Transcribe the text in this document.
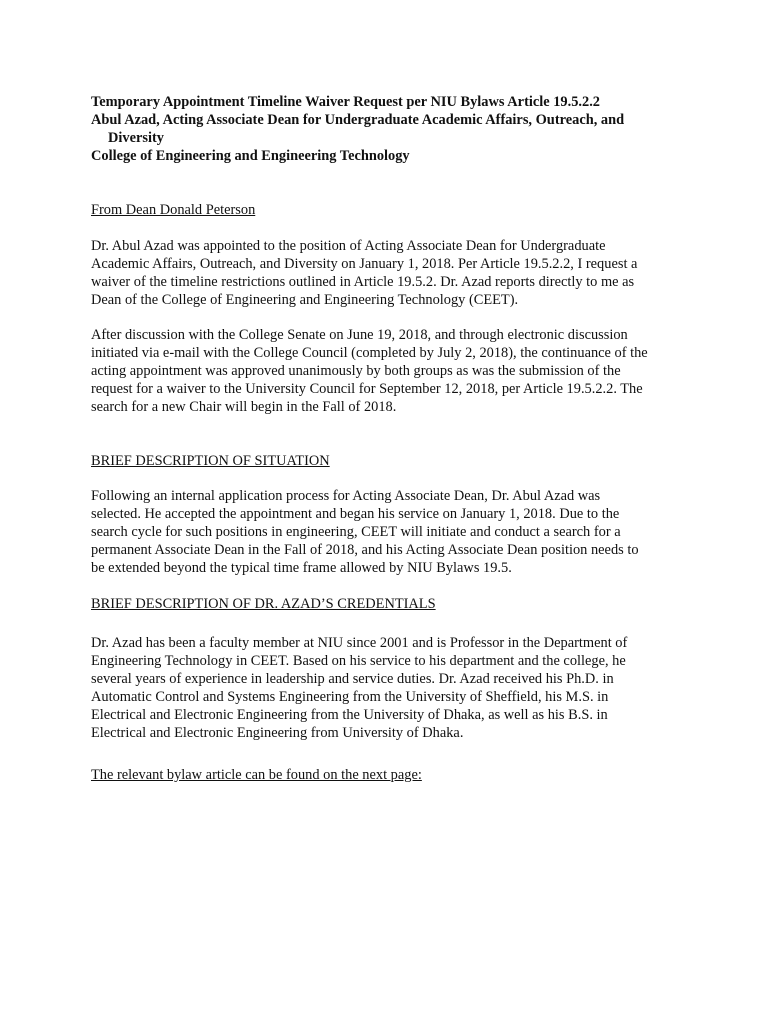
Temporary Appointment Timeline Waiver Request per NIU Bylaws Article 19.5.2.2
Abul Azad, Acting Associate Dean for Undergraduate Academic Affairs, Outreach, and
Diversity
College of Engineering and Engineering Technology
From Dean Donald Peterson
Dr. Abul Azad was appointed to the position of Acting Associate Dean for Undergraduate
Academic Affairs, Outreach, and Diversity on January 1, 2018. Per Article 19.5.2.2, I request a
waiver of the timeline restrictions outlined in Article 19.5.2. Dr. Azad reports directly to me as
Dean of the College of Engineering and Engineering Technology (CEET).
After discussion with the College Senate on June 19, 2018, and through electronic discussion
initiated via e-mail with the College Council (completed by July 2, 2018), the continuance of the
acting appointment was approved unanimously by both groups as was the submission of the
request for a waiver to the University Council for September 12, 2018, per Article 19.5.2.2. The
search for a new Chair will begin in the Fall of 2018.
BRIEF DESCRIPTION OF SITUATION
Following an internal application process for Acting Associate Dean, Dr. Abul Azad was
selected. He accepted the appointment and began his service on January 1, 2018. Due to the
search cycle for such positions in engineering, CEET will initiate and conduct a search for a
permanent Associate Dean in the Fall of 2018, and his Acting Associate Dean position needs to
be extended beyond the typical time frame allowed by NIU Bylaws 19.5.
BRIEF DESCRIPTION OF DR. AZAD’S CREDENTIALS
Dr. Azad has been a faculty member at NIU since 2001 and is Professor in the Department of
Engineering Technology in CEET. Based on his service to his department and the college, he
several years of experience in leadership and service duties. Dr. Azad received his Ph.D. in
Automatic Control and Systems Engineering from the University of Sheffield, his M.S. in
Electrical and Electronic Engineering from the University of Dhaka, as well as his B.S. in
Electrical and Electronic Engineering from University of Dhaka.
The relevant bylaw article can be found on the next page:
